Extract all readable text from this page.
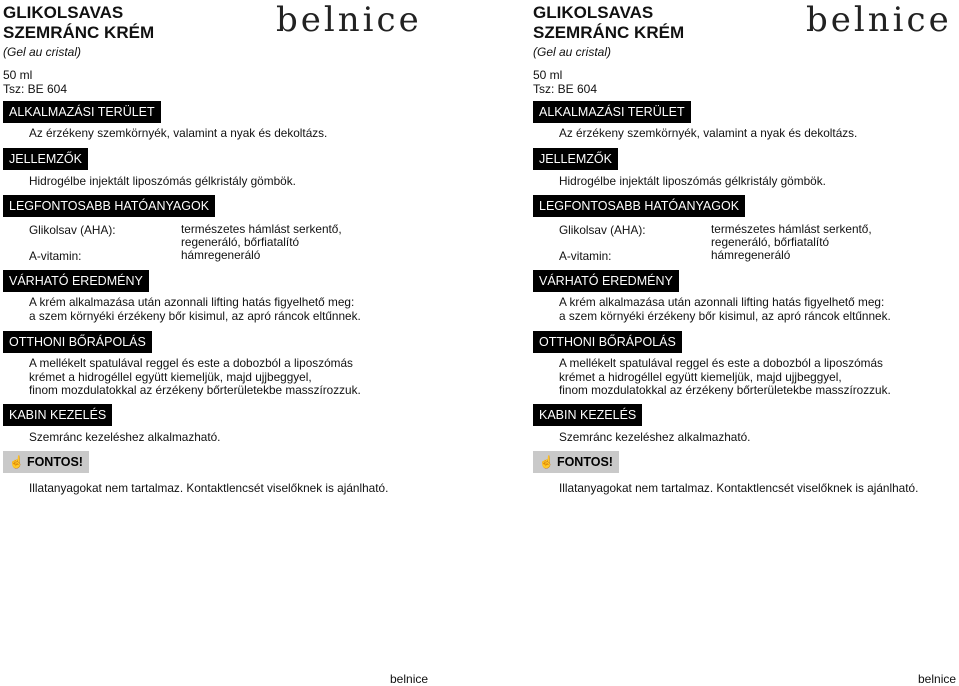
GLIKOLSAVAS
SZEMRÁNC KRÉM
(Gel au cristal)
50 ml
Tsz: BE 604
belnice
ALKALMAZÁSI TERÜLET
Az érzékeny szemkörnyék, valamint a nyak és dekoltázs.
JELLEMZŐK
Hidrogélbe injektált liposzómás gélkristály gömbök.
LEGFONTOSABB HATÓANYAGOK
Glikolsav (AHA):	természetes hámlást serkentő,
regeneráló, bőrfiatalító
A-vitamin:	hámregeneráló
VÁRHATÓ EREDMÉNY
A krém alkalmazása után azonnali lifting hatás figyelhető meg:
a szem környéki érzékeny bőr kisimul, az apró ráncok eltűnnek.
OTTHONI BŐRÁPOLÁS
A mellékelt spatulával reggel és este a dobozból a liposzómás
krémet a hidrogéllel együtt kiemeljük, majd ujjbeggyel,
finom mozdulatokkal az érzékeny bőrterületekbe masszírozzuk.
KABIN KEZELÉS
Szemránc kezeléshez alkalmazható.
☝ FONTOS!
Illatanyagokat nem tartalmaz. Kontaktlencsét viselőknek is ajánlható.
belnice
GLIKOLSAVAS
SZEMRÁNC KRÉM
(Gel au cristal)
50 ml
Tsz: BE 604
belnice
ALKALMAZÁSI TERÜLET
Az érzékeny szemkörnyék, valamint a nyak és dekoltázs.
JELLEMZŐK
Hidrogélbe injektált liposzómás gélkristály gömbök.
LEGFONTOSABB HATÓANYAGOK
Glikolsav (AHA):	természetes hámlást serkentő,
regeneráló, bőrfiatalító
A-vitamin:	hámregeneráló
VÁRHATÓ EREDMÉNY
A krém alkalmazása után azonnali lifting hatás figyelhető meg:
a szem környéki érzékeny bőr kisimul, az apró ráncok eltűnnek.
OTTHONI BŐRÁPOLÁS
A mellékelt spatulával reggel és este a dobozból a liposzómás
krémet a hidrogéllel együtt kiemeljük, majd ujjbeggyel,
finom mozdulatokkal az érzékeny bőrterületekbe masszírozzuk.
KABIN KEZELÉS
Szemránc kezeléshez alkalmazható.
☝ FONTOS!
Illatanyagokat nem tartalmaz. Kontaktlencsét viselőknek is ajánlható.
belnice
